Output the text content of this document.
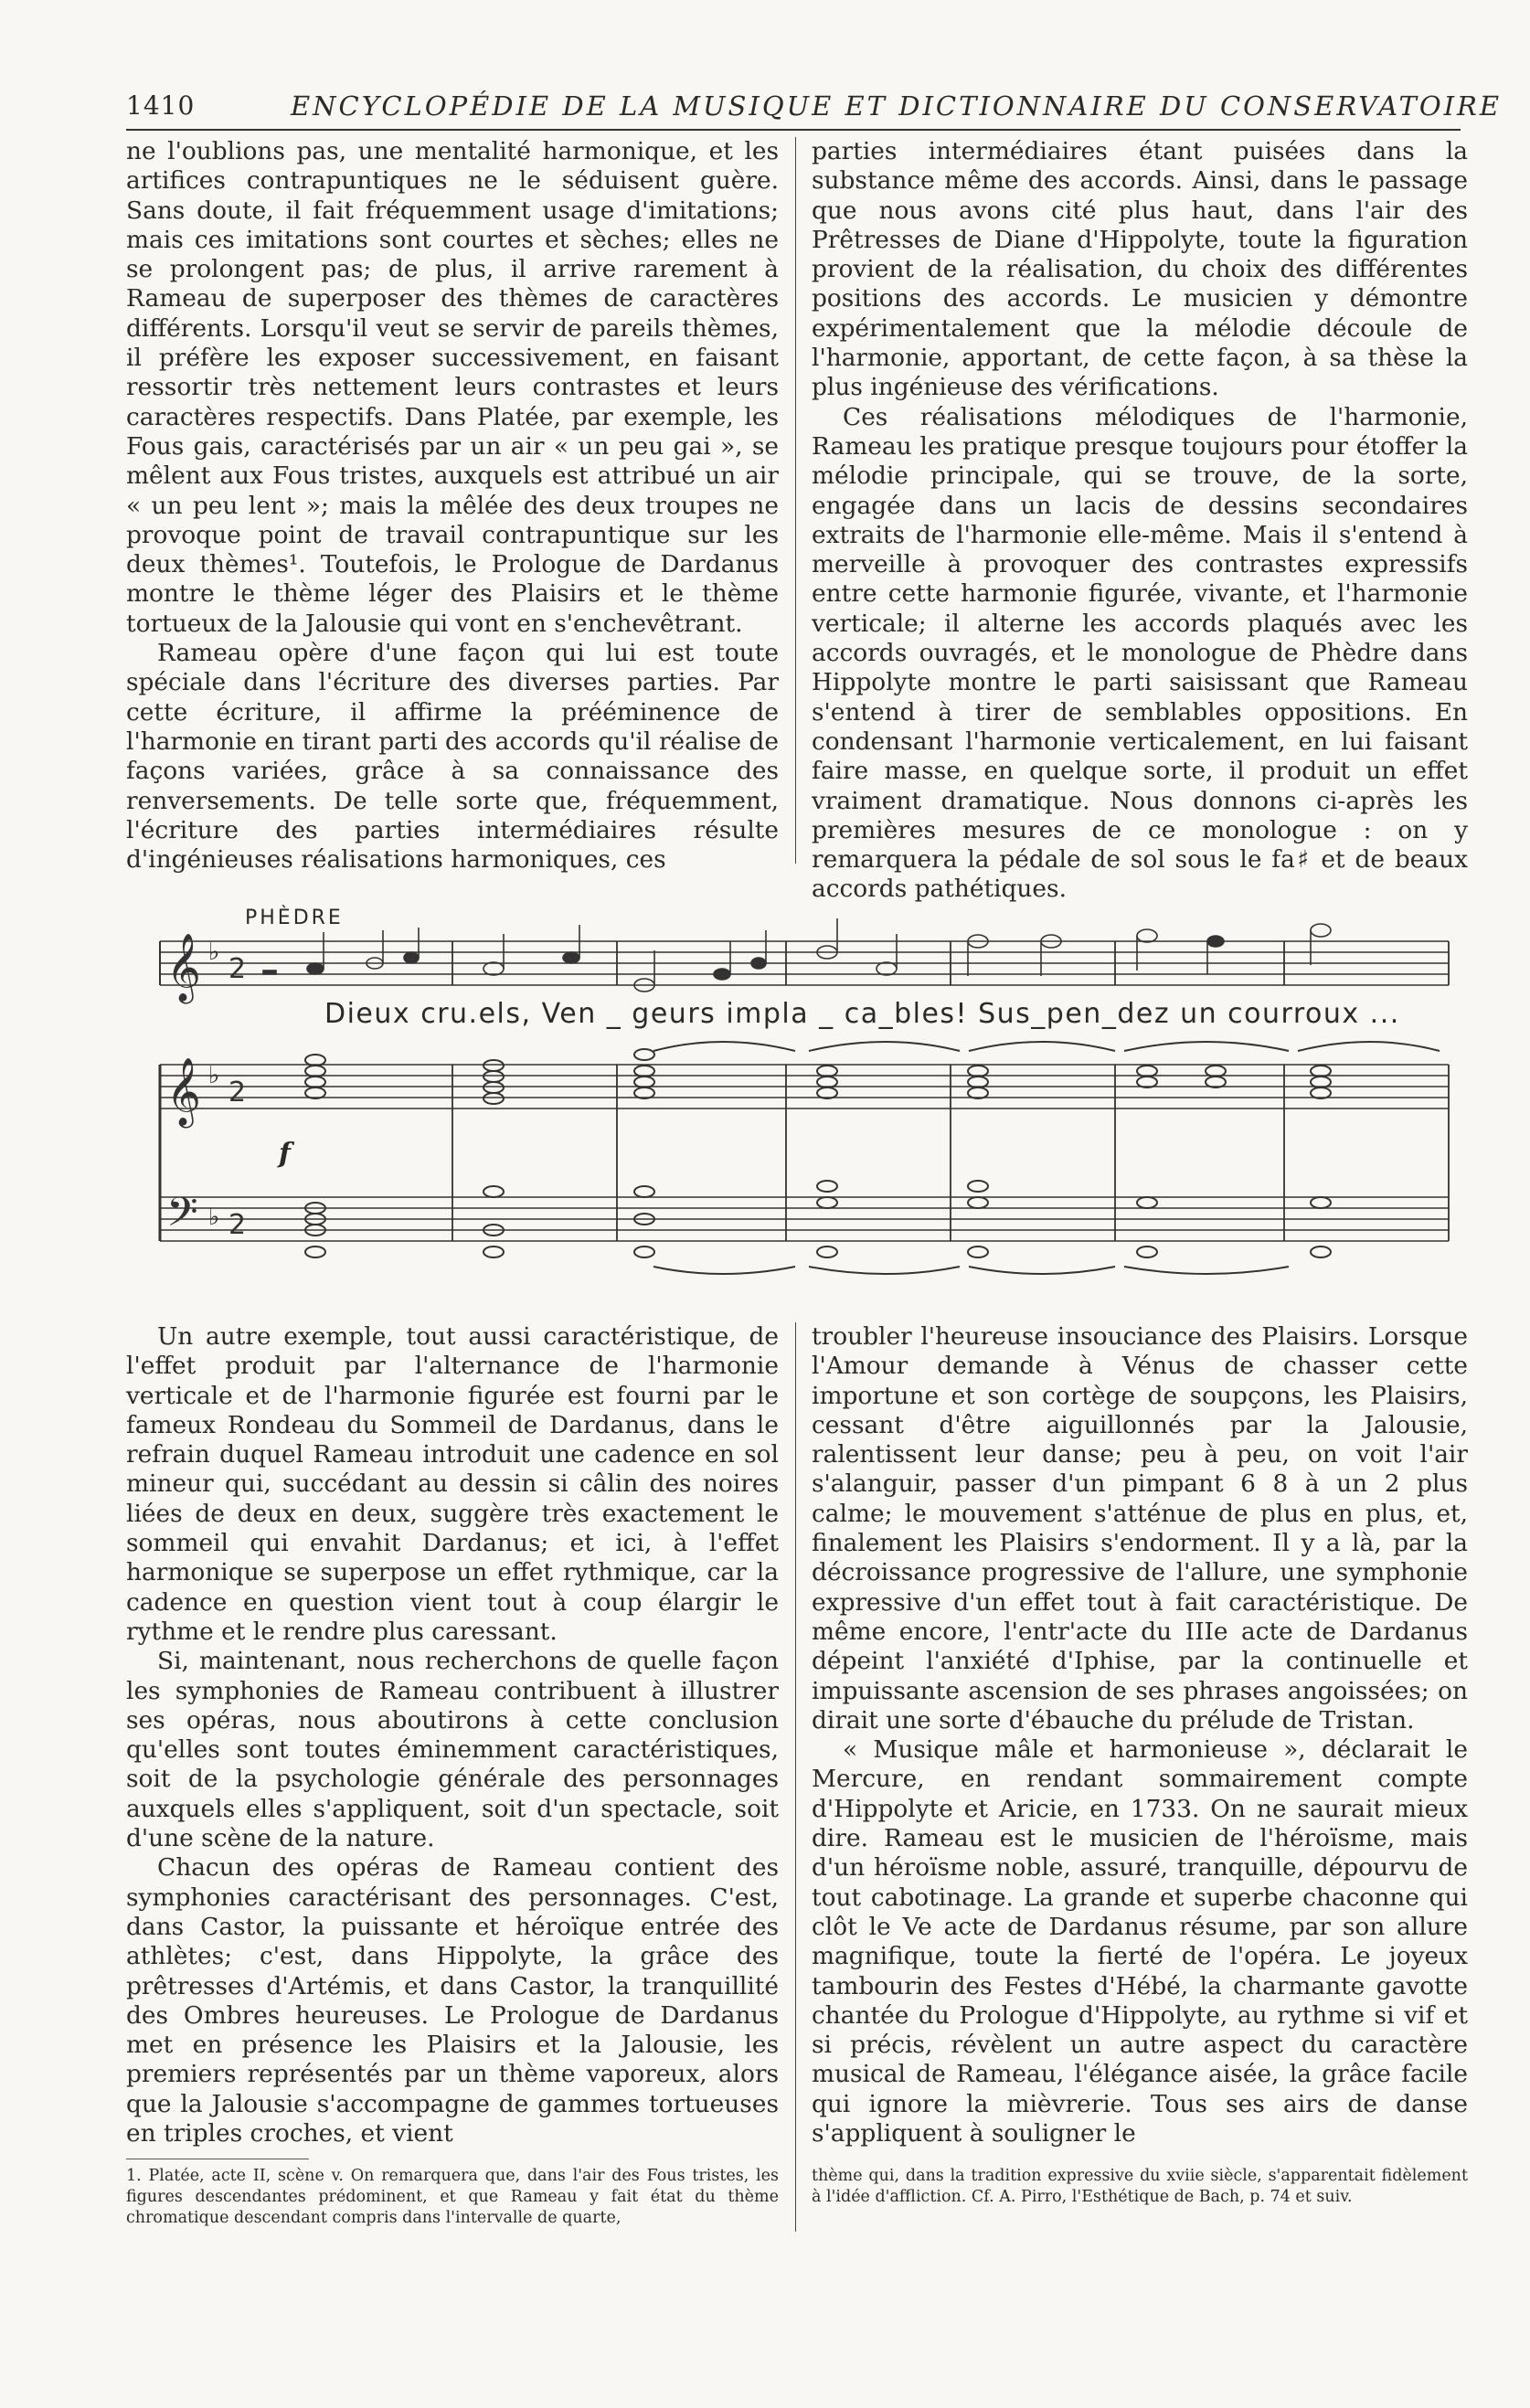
1410	ENCYCLOPÉDIE DE LA MUSIQUE ET DICTIONNAIRE DU CONSERVATOIRE

ne l'oublions pas, une mentalité harmonique, et les artifices contrapuntiques ne le séduisent guère. Sans doute, il fait fréquemment usage d'imitations; mais ces imitations sont courtes et sèches; elles ne se prolongent pas; de plus, il arrive rarement à Rameau de superposer des thèmes de caractères différents. Lorsqu'il veut se servir de pareils thèmes, il préfère les exposer successivement, en faisant ressortir très nettement leurs contrastes et leurs caractères respectifs. Dans Platée, par exemple, les Fous gais, caractérisés par un air « un peu gai », se mêlent aux Fous tristes, auxquels est attribué un air « un peu lent »; mais la mêlée des deux troupes ne provoque point de travail contrapuntique sur les deux thèmes¹. Toutefois, le Prologue de Dardanus montre le thème léger des Plaisirs et le thème tortueux de la Jalousie qui vont en s'enchevêtrant.

Rameau opère d'une façon qui lui est toute spéciale dans l'écriture des diverses parties. Par cette écriture, il affirme la prééminence de l'harmonie en tirant parti des accords qu'il réalise de façons variées, grâce à sa connaissance des renversements. De telle sorte que, fréquemment, l'écriture des parties intermédiaires résulte d'ingénieuses réalisations harmoniques, ces

parties intermédiaires étant puisées dans la substance même des accords. Ainsi, dans le passage que nous avons cité plus haut, dans l'air des Prêtresses de Diane d'Hippolyte, toute la figuration provient de la réalisation, du choix des différentes positions des accords. Le musicien y démontre expérimentalement que la mélodie découle de l'harmonie, apportant, de cette façon, à sa thèse la plus ingénieuse des vérifications.

Ces réalisations mélodiques de l'harmonie, Rameau les pratique presque toujours pour étoffer la mélodie principale, qui se trouve, de la sorte, engagée dans un lacis de dessins secondaires extraits de l'harmonie elle-même. Mais il s'entend à merveille à provoquer des contrastes expressifs entre cette harmonie figurée, vivante, et l'harmonie verticale; il alterne les accords plaqués avec les accords ouvragés, et le monologue de Phèdre dans Hippolyte montre le parti saisissant que Rameau s'entend à tirer de semblables oppositions. En condensant l'harmonie verticalement, en lui faisant faire masse, en quelque sorte, il produit un effet vraiment dramatique. Nous donnons ci-après les premières mesures de ce monologue : on y remarquera la pédale de sol sous le fa♯ et de beaux accords pathétiques.

PHÈDRE
𝄞
𝄞
𝄢
♭
♭
♭
2
2
2
Dieux cru.els, Ven _ geurs impla _ ca_bles! Sus_pen_dez un courroux ...
f

Un autre exemple, tout aussi caractéristique, de l'effet produit par l'alternance de l'harmonie verticale et de l'harmonie figurée est fourni par le fameux Rondeau du Sommeil de Dardanus, dans le refrain duquel Rameau introduit une cadence en sol mineur qui, succédant au dessin si câlin des noires liées de deux en deux, suggère très exactement le sommeil qui envahit Dardanus; et ici, à l'effet harmonique se superpose un effet rythmique, car la cadence en question vient tout à coup élargir le rythme et le rendre plus caressant.

Si, maintenant, nous recherchons de quelle façon les symphonies de Rameau contribuent à illustrer ses opéras, nous aboutirons à cette conclusion qu'elles sont toutes éminemment caractéristiques, soit de la psychologie générale des personnages auxquels elles s'appliquent, soit d'un spectacle, soit d'une scène de la nature.

Chacun des opéras de Rameau contient des symphonies caractérisant des personnages. C'est, dans Castor, la puissante et héroïque entrée des athlètes; c'est, dans Hippolyte, la grâce des prêtresses d'Artémis, et dans Castor, la tranquillité des Ombres heureuses. Le Prologue de Dardanus met en présence les Plaisirs et la Jalousie, les premiers représentés par un thème vaporeux, alors que la Jalousie s'accompagne de gammes tortueuses en triples croches, et vient

troubler l'heureuse insouciance des Plaisirs. Lorsque l'Amour demande à Vénus de chasser cette importune et son cortège de soupçons, les Plaisirs, cessant d'être aiguillonnés par la Jalousie, ralentissent leur danse; peu à peu, on voit l'air s'alanguir, passer d'un pimpant 6 8 à un 2 plus calme; le mouvement s'atténue de plus en plus, et, finalement les Plaisirs s'endorment. Il y a là, par la décroissance progressive de l'allure, une symphonie expressive d'un effet tout à fait caractéristique. De même encore, l'entr'acte du IIIe acte de Dardanus dépeint l'anxiété d'Iphise, par la continuelle et impuissante ascension de ses phrases angoissées; on dirait une sorte d'ébauche du prélude de Tristan.

« Musique mâle et harmonieuse », déclarait le Mercure, en rendant sommairement compte d'Hippolyte et Aricie, en 1733. On ne saurait mieux dire. Rameau est le musicien de l'héroïsme, mais d'un héroïsme noble, assuré, tranquille, dépourvu de tout cabotinage. La grande et superbe chaconne qui clôt le Ve acte de Dardanus résume, par son allure magnifique, toute la fierté de l'opéra. Le joyeux tambourin des Festes d'Hébé, la charmante gavotte chantée du Prologue d'Hippolyte, au rythme si vif et si précis, révèlent un autre aspect du caractère musical de Rameau, l'élégance aisée, la grâce facile qui ignore la mièvrerie. Tous ses airs de danse s'appliquent à souligner le

1. Platée, acte II, scène v. On remarquera que, dans l'air des Fous tristes, les figures descendantes prédominent, et que Rameau y fait état du thème chromatique descendant compris dans l'intervalle de quarte,
thème qui, dans la tradition expressive du xviie siècle, s'apparentait fidèlement à l'idée d'affliction. Cf. A. Pirro, l'Esthétique de Bach, p. 74 et suiv.
